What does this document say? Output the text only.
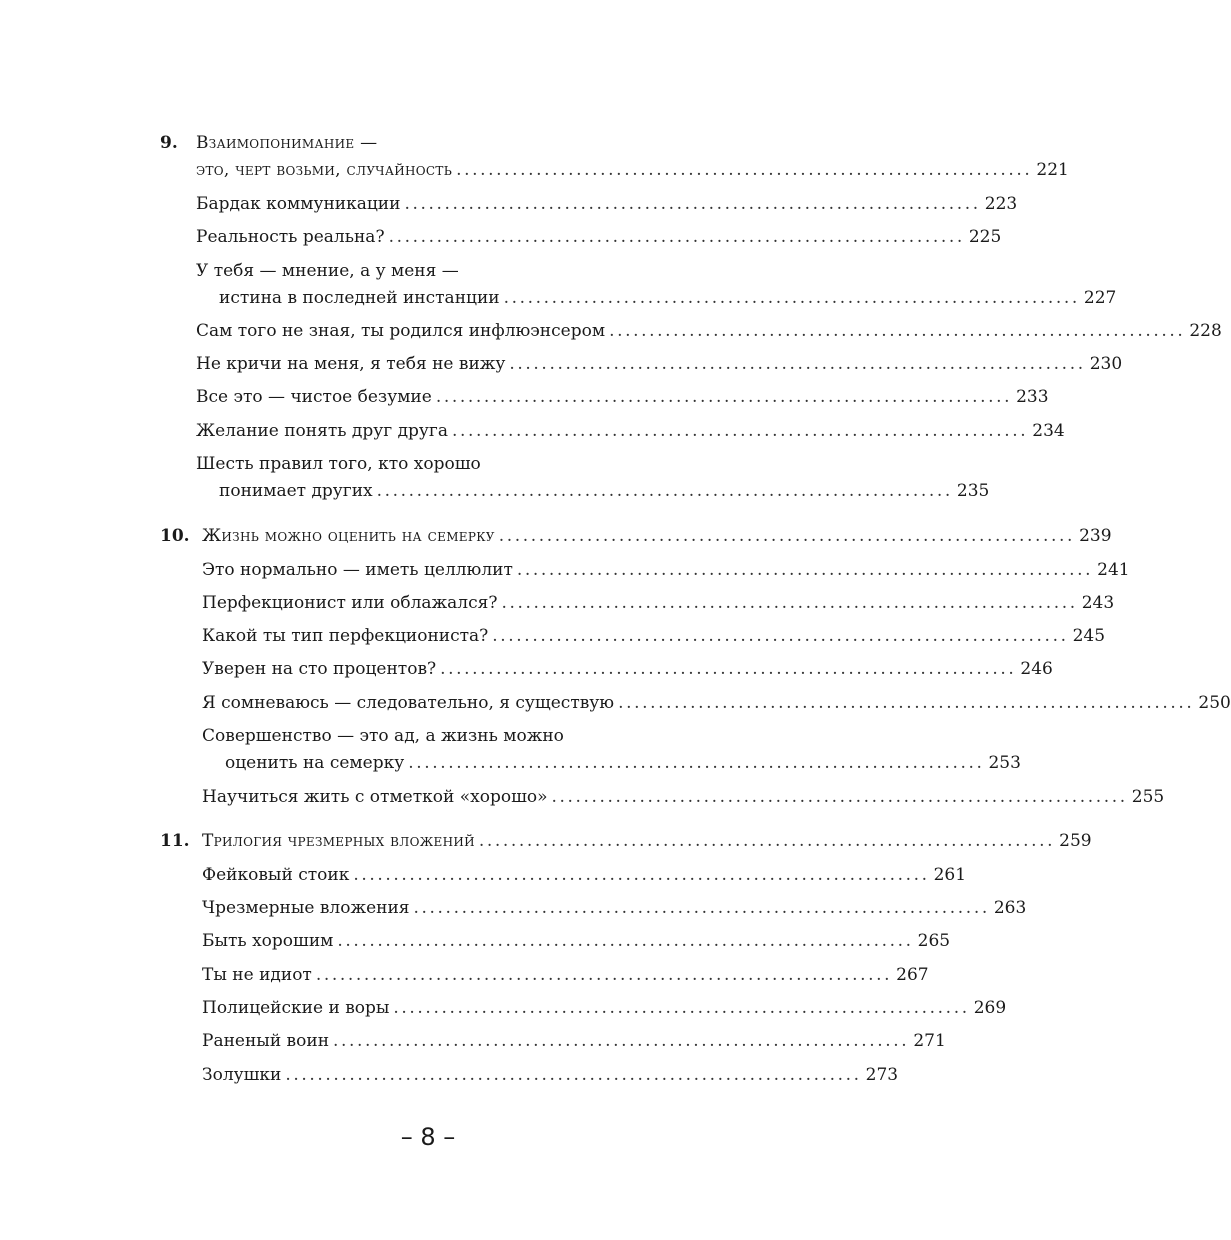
9. Взаимопонимание —
это, черт возьми, случайность ........................................................................ 221
Бардак коммуникации ........................................................................ 223
Реальность реальна? ........................................................................ 225
У тебя — мнение, а у меня —
истина в последней инстанции ........................................................................ 227
Сам того не зная, ты родился инфлюэнсером ........................................................................ 228
Не кричи на меня, я тебя не вижу ........................................................................ 230
Все это — чистое безумие ........................................................................ 233
Желание понять друг друга ........................................................................ 234
Шесть правил того, кто хорошо
понимает других ........................................................................ 235
10. Жизнь можно оценить на семерку ........................................................................ 239
Это нормально — иметь целлюлит ........................................................................ 241
Перфекционист или облажался? ........................................................................ 243
Какой ты тип перфекциониста? ........................................................................ 245
Уверен на сто процентов? ........................................................................ 246
Я сомневаюсь — следовательно, я существую ........................................................................ 250
Совершенство — это ад, а жизнь можно
оценить на семерку ........................................................................ 253
Научиться жить с отметкой «хорошо» ........................................................................ 255
11. Трилогия чрезмерных вложений ........................................................................ 259
Фейковый стоик ........................................................................ 261
Чрезмерные вложения ........................................................................ 263
Быть хорошим ........................................................................ 265
Ты не идиот ........................................................................ 267
Полицейские и воры ........................................................................ 269
Раненый воин ........................................................................ 271
Золушки ........................................................................ 273
– 8 –
